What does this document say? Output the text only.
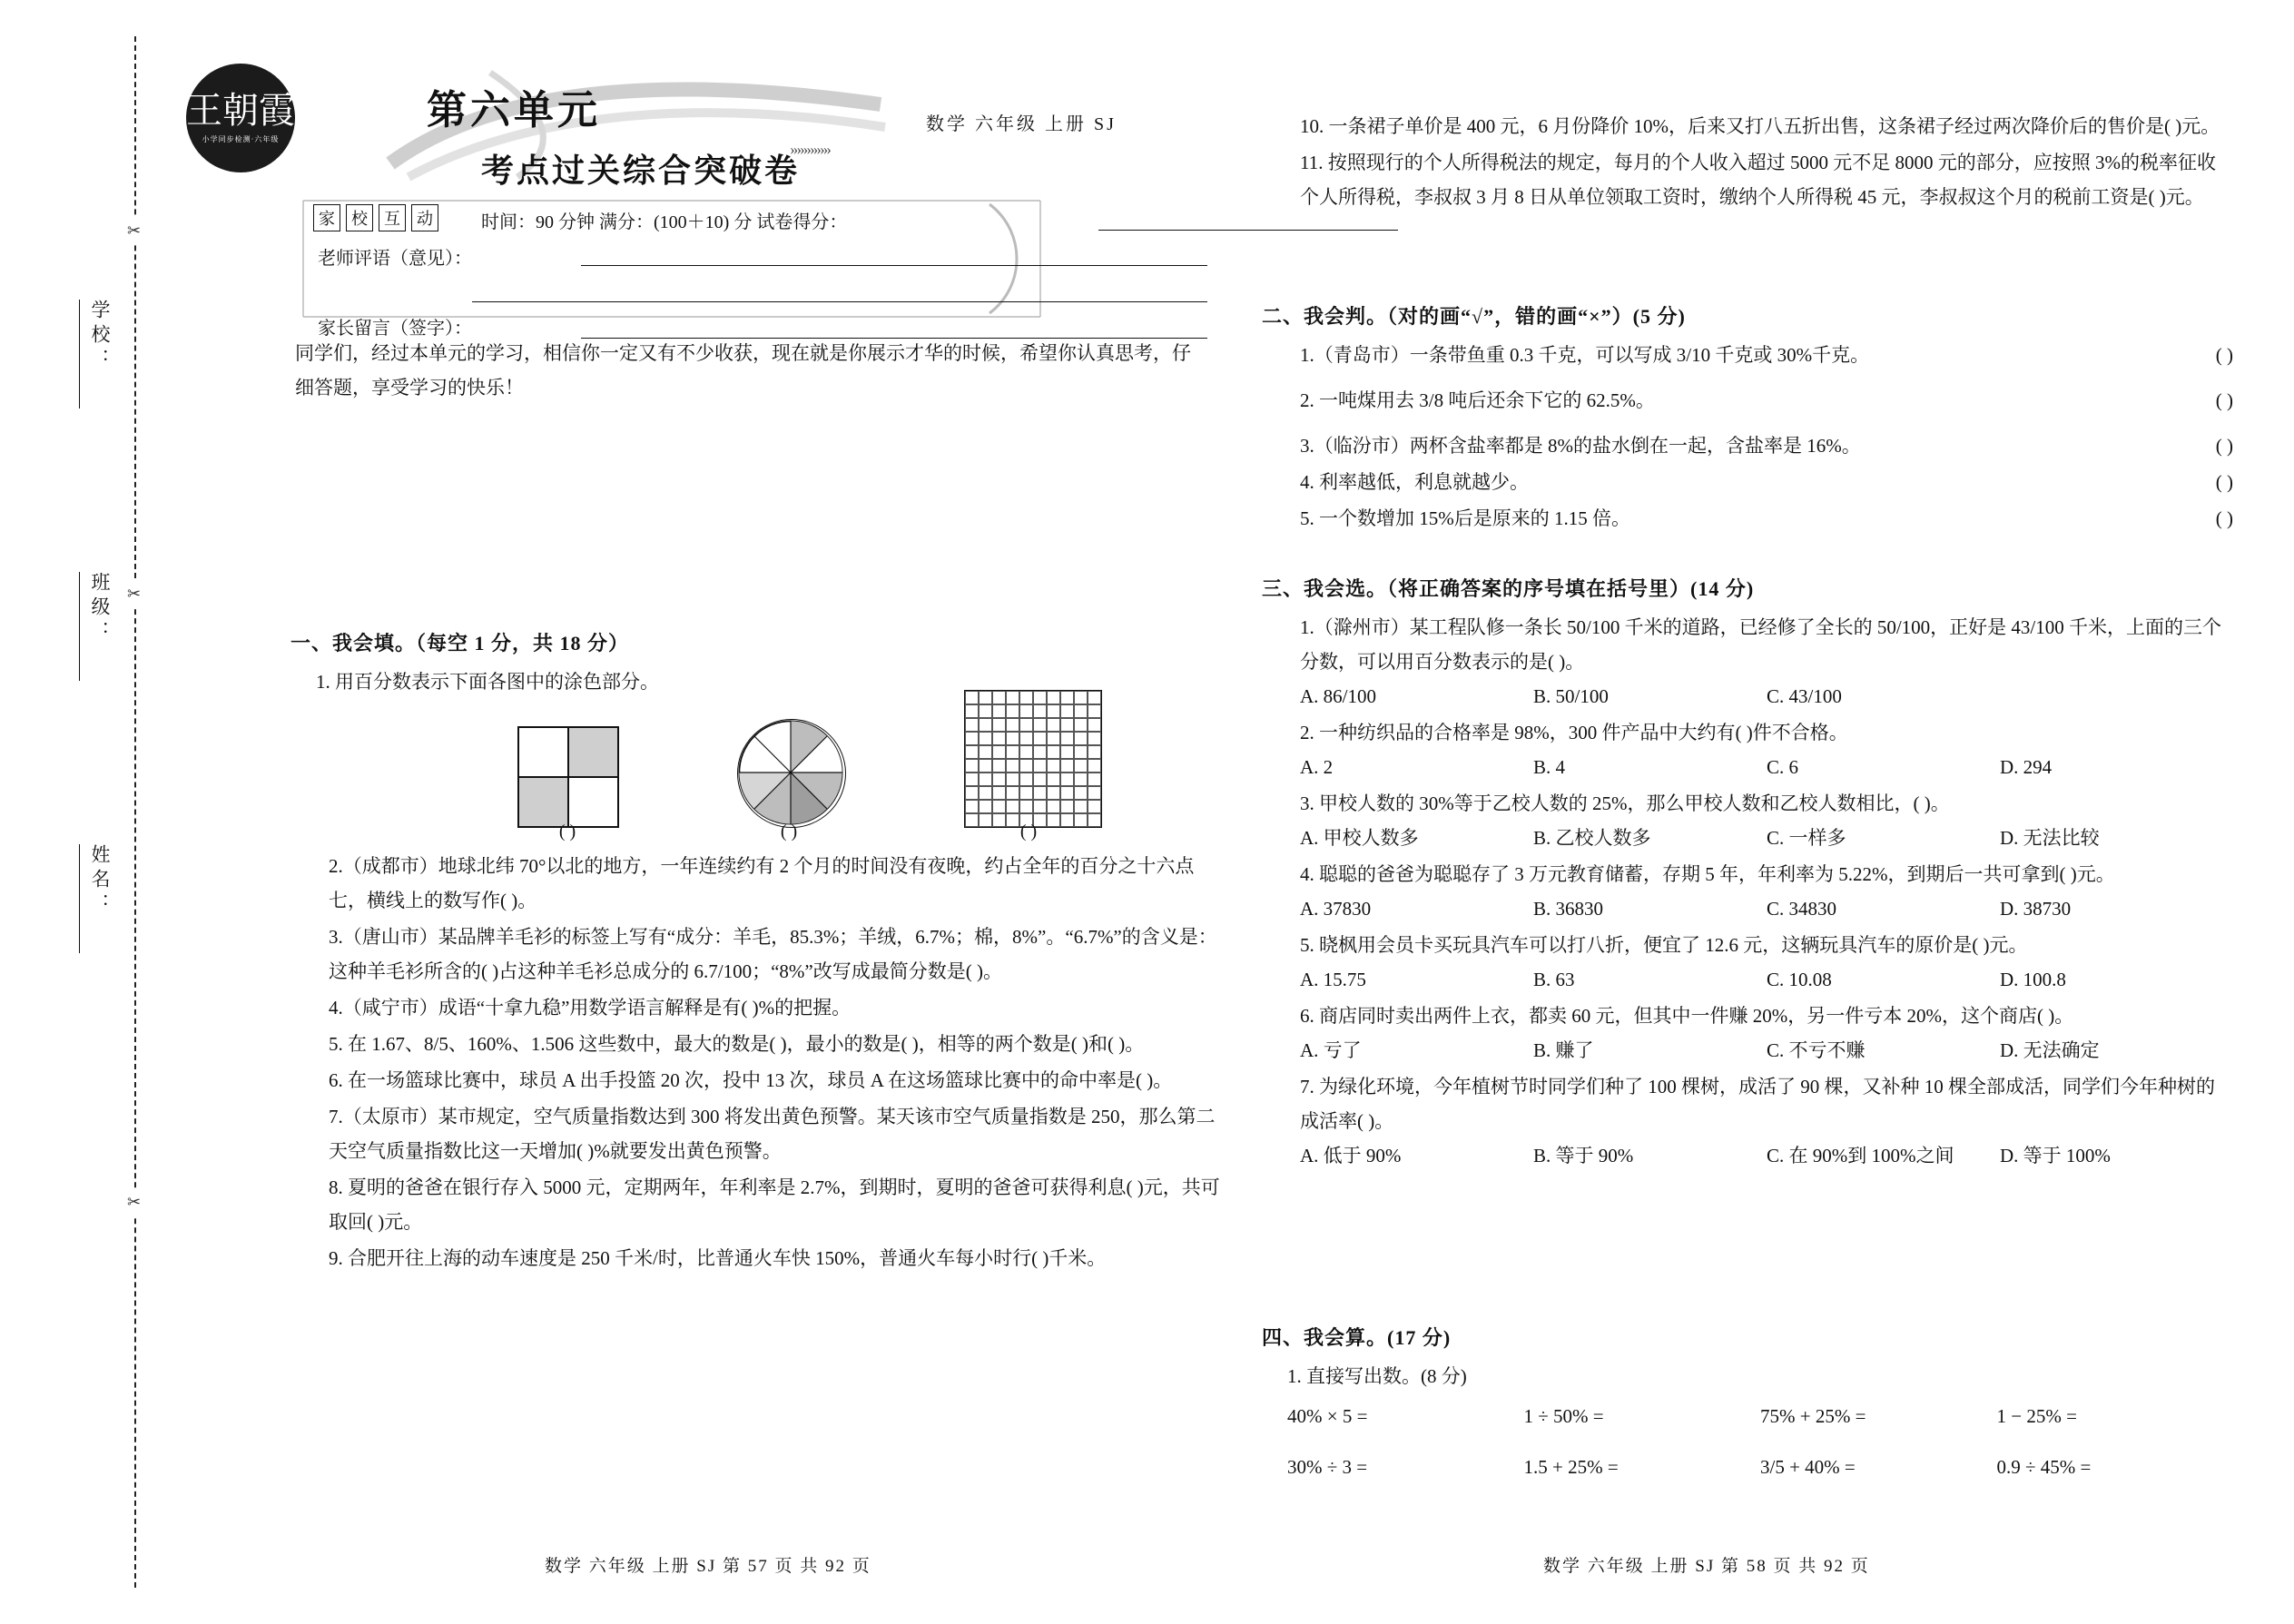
✂
✂
✂
学校：
班级：
姓名：
王朝霞
小学同步检测·六年级
第六单元
考点过关综合突破卷
››››››››››››
数学 六年级 上册 SJ
家	校	互	动	时间：90 分钟 满分：(100＋10) 分 试卷得分：
老师评语（意见）：
家长留言（签字）：
同学们，经过本单元的学习，相信你一定又有不少收获，现在就是你展示才华的时候，希望你认真思考，仔细答题，享受学习的快乐！
一、我会填。（每空 1 分，共 18 分）
1. 用百分数表示下面各图中的涂色部分。
( )	( )	( )
2.（成都市）地球北纬 70°以北的地方，一年连续约有 2 个月的时间没有夜晚，约占全年的百分之十六点七，横线上的数写作( )。
3.（唐山市）某品牌羊毛衫的标签上写有“成分：羊毛，85.3%；羊绒，6.7%；棉，8%”。“6.7%”的含义是：这种羊毛衫所含的( )占这种羊毛衫总成分的 6.7/100；“8%”改写成最简分数是( )。
4.（咸宁市）成语“十拿九稳”用数学语言解释是有( )%的把握。
5. 在 1.67、8/5、160%、1.506 这些数中，最大的数是( )，最小的数是( )，相等的两个数是( )和( )。
6. 在一场篮球比赛中，球员 A 出手投篮 20 次，投中 13 次，球员 A 在这场篮球比赛中的命中率是( )。
7.（太原市）某市规定，空气质量指数达到 300 将发出黄色预警。某天该市空气质量指数是 250，那么第二天空气质量指数比这一天增加( )%就要发出黄色预警。
8. 夏明的爸爸在银行存入 5000 元，定期两年，年利率是 2.7%，到期时，夏明的爸爸可获得利息( )元，共可取回( )元。
9. 合肥开往上海的动车速度是 250 千米/时，比普通火车快 150%，普通火车每小时行( )千米。
数学 六年级 上册 SJ 第 57 页 共 92 页
10. 一条裙子单价是 400 元，6 月份降价 10%，后来又打八五折出售，这条裙子经过两次降价后的售价是( )元。
11. 按照现行的个人所得税法的规定，每月的个人收入超过 5000 元不足 8000 元的部分，应按照 3%的税率征收个人所得税，李叔叔 3 月 8 日从单位领取工资时，缴纳个人所得税 45 元，李叔叔这个月的税前工资是( )元。
二、我会判。（对的画“√”，错的画“×”）(5 分)
1.（青岛市）一条带鱼重 0.3 千克，可以写成 3/10 千克或 30%千克。	( )
2. 一吨煤用去 3/8 吨后还余下它的 62.5%。	( )
3.（临汾市）两杯含盐率都是 8%的盐水倒在一起，含盐率是 16%。	( )
4. 利率越低，利息就越少。	( )
5. 一个数增加 15%后是原来的 1.15 倍。	( )
三、我会选。（将正确答案的序号填在括号里）(14 分)
1.（滁州市）某工程队修一条长 50/100 千米的道路，已经修了全长的 50/100，正好是 43/100 千米，上面的三个分数，可以用百分数表示的是( )。
A. 86/100	B. 50/100	C. 43/100
2. 一种纺织品的合格率是 98%，300 件产品中大约有( )件不合格。
A. 2	B. 4	C. 6	D. 294
3. 甲校人数的 30%等于乙校人数的 25%，那么甲校人数和乙校人数相比，( )。
A. 甲校人数多	B. 乙校人数多	C. 一样多	D. 无法比较
4. 聪聪的爸爸为聪聪存了 3 万元教育储蓄，存期 5 年，年利率为 5.22%，到期后一共可拿到( )元。
A. 37830	B. 36830	C. 34830	D. 38730
5. 晓枫用会员卡买玩具汽车可以打八折，便宜了 12.6 元，这辆玩具汽车的原价是( )元。
A. 15.75	B. 63	C. 10.08	D. 100.8
6. 商店同时卖出两件上衣，都卖 60 元，但其中一件赚 20%，另一件亏本 20%，这个商店( )。
A. 亏了	B. 赚了	C. 不亏不赚	D. 无法确定
7. 为绿化环境，今年植树节时同学们种了 100 棵树，成活了 90 棵，又补种 10 棵全部成活，同学们今年种树的成活率( )。
A. 低于 90%	B. 等于 90%	C. 在 90%到 100%之间	D. 等于 100%
四、我会算。(17 分)
1. 直接写出数。(8 分)
40% × 5 =	1 ÷ 50% =	75% + 25% =	1 − 25% =
30% ÷ 3 =	1.5 + 25% =	3/5 + 40% =	0.9 ÷ 45% =
数学 六年级 上册 SJ 第 58 页 共 92 页
